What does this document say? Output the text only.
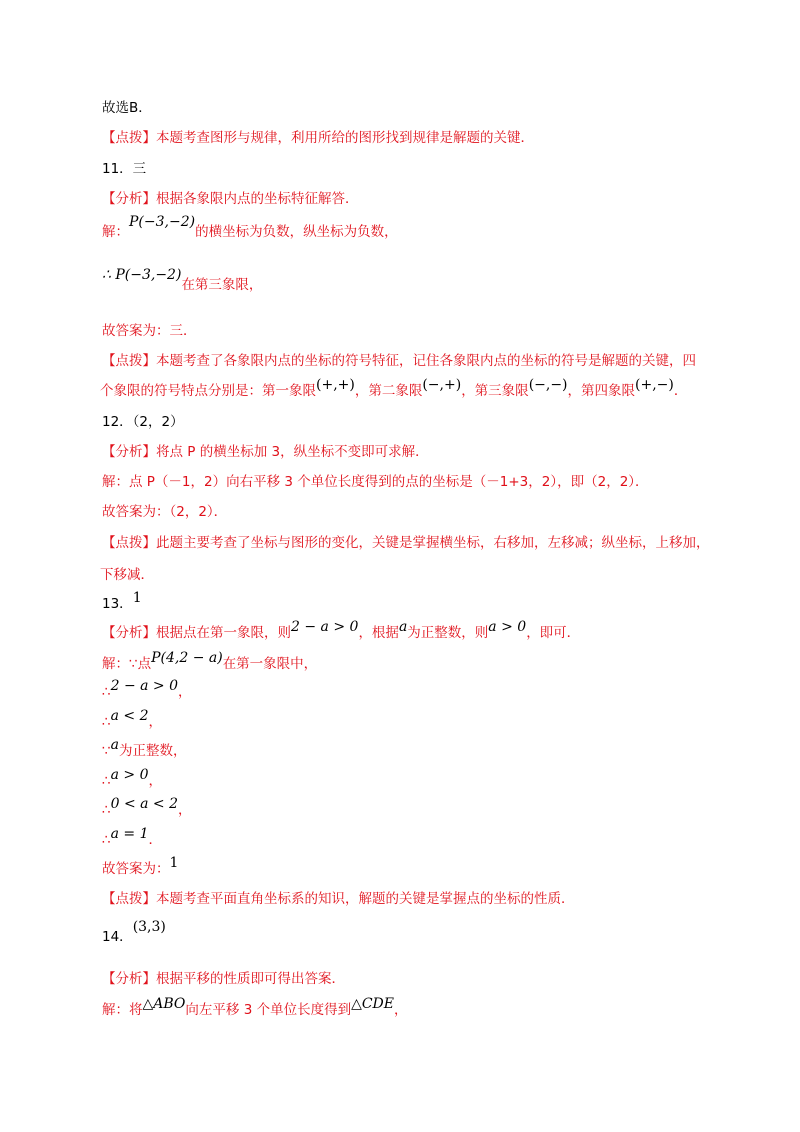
故选B．
【点拨】本题考查图形与规律，利用所给的图形找到规律是解题的关键．
11．三
【分析】根据各象限内点的坐标特征解答．
解：P(−3,−2)的横坐标为负数，纵坐标为负数，
∴ P(−3,−2)在第三象限，
故答案为：三．
【点拨】本题考查了各象限内点的坐标的符号特征，记住各象限内点的坐标的符号是解题的关键，四
个象限的符号特点分别是：第一象限(+,+)，第二象限(−,+)，第三象限(−,−)，第四象限(+,−)．
12．（2，2）
【分析】将点 P 的横坐标加 3，纵坐标不变即可求解．
解：点 P（－1，2）向右平移 3 个单位长度得到的点的坐标是（－1+3，2），即（2，2）．
故答案为：（2，2）．
【点拨】此题主要考查了坐标与图形的变化，关键是掌握横坐标，右移加，左移减；纵坐标，上移加，
下移减．
13．1
【分析】根据点在第一象限，则2 − a > 0，根据a为正整数，则a > 0，即可．
解：∵点P(4,2 − a)在第一象限中，
∴2 − a > 0，
∴a < 2，
∵a为正整数，
∴a > 0，
∴0 < a < 2，
∴a = 1．
故答案为：1
【点拨】本题考查平面直角坐标系的知识，解题的关键是掌握点的坐标的性质．
14．(3,3)
【分析】根据平移的性质即可得出答案．
解：将△ABO向左平移 3 个单位长度得到△CDE，
